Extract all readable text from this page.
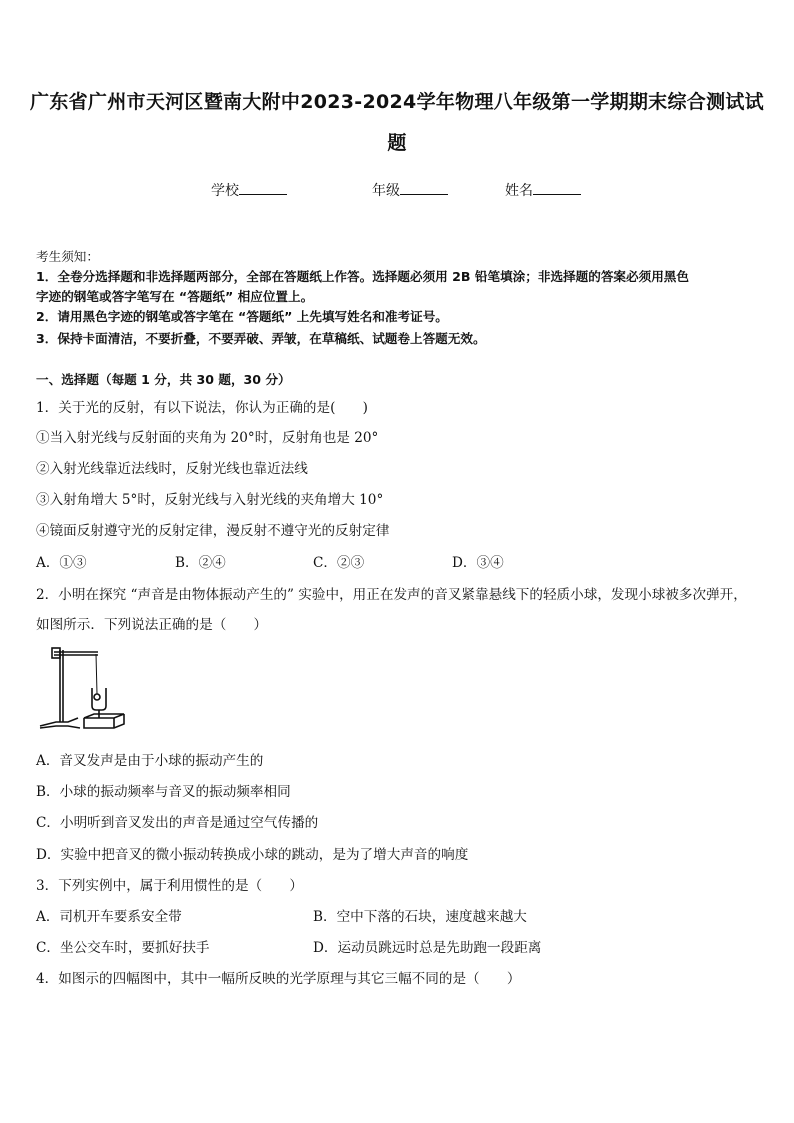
广东省广州市天河区暨南大附中2023-2024学年物理八年级第一学期期末综合测试试
题
学校	年级	姓名
考生须知：
1．全卷分选择题和非选择题两部分，全部在答题纸上作答。选择题必须用 2B 铅笔填涂；非选择题的答案必须用黑色
字迹的钢笔或答字笔写在 “答题纸” 相应位置上。
2．请用黑色字迹的钢笔或答字笔在 “答题纸” 上先填写姓名和准考证号。
3．保持卡面清洁，不要折叠，不要弄破、弄皱，在草稿纸、试题卷上答题无效。
一、选择题（每题 1 分，共 30 题，30 分）
1．关于光的反射，有以下说法，你认为正确的是(　　)
①当入射光线与反射面的夹角为 20°时，反射角也是 20°
②入射光线靠近法线时，反射光线也靠近法线
③入射角增大 5°时，反射光线与入射光线的夹角增大 10°
④镜面反射遵守光的反射定律，漫反射不遵守光的反射定律
A．①③	B．②④	C．②③	D．③④
2．小明在探究 “声音是由物体振动产生的” 实验中，用正在发声的音叉紧靠悬线下的轻质小球，发现小球被多次弹开，
如图所示．下列说法正确的是（　　）
A．音叉发声是由于小球的振动产生的
B．小球的振动频率与音叉的振动频率相同
C．小明听到音叉发出的声音是通过空气传播的
D．实验中把音叉的微小振动转换成小球的跳动，是为了增大声音的响度
3．下列实例中，属于利用惯性的是（　　）
A．司机开车要系安全带	B．空中下落的石块，速度越来越大
C．坐公交车时，要抓好扶手	D．运动员跳远时总是先助跑一段距离
4．如图示的四幅图中，其中一幅所反映的光学原理与其它三幅不同的是（　　）
